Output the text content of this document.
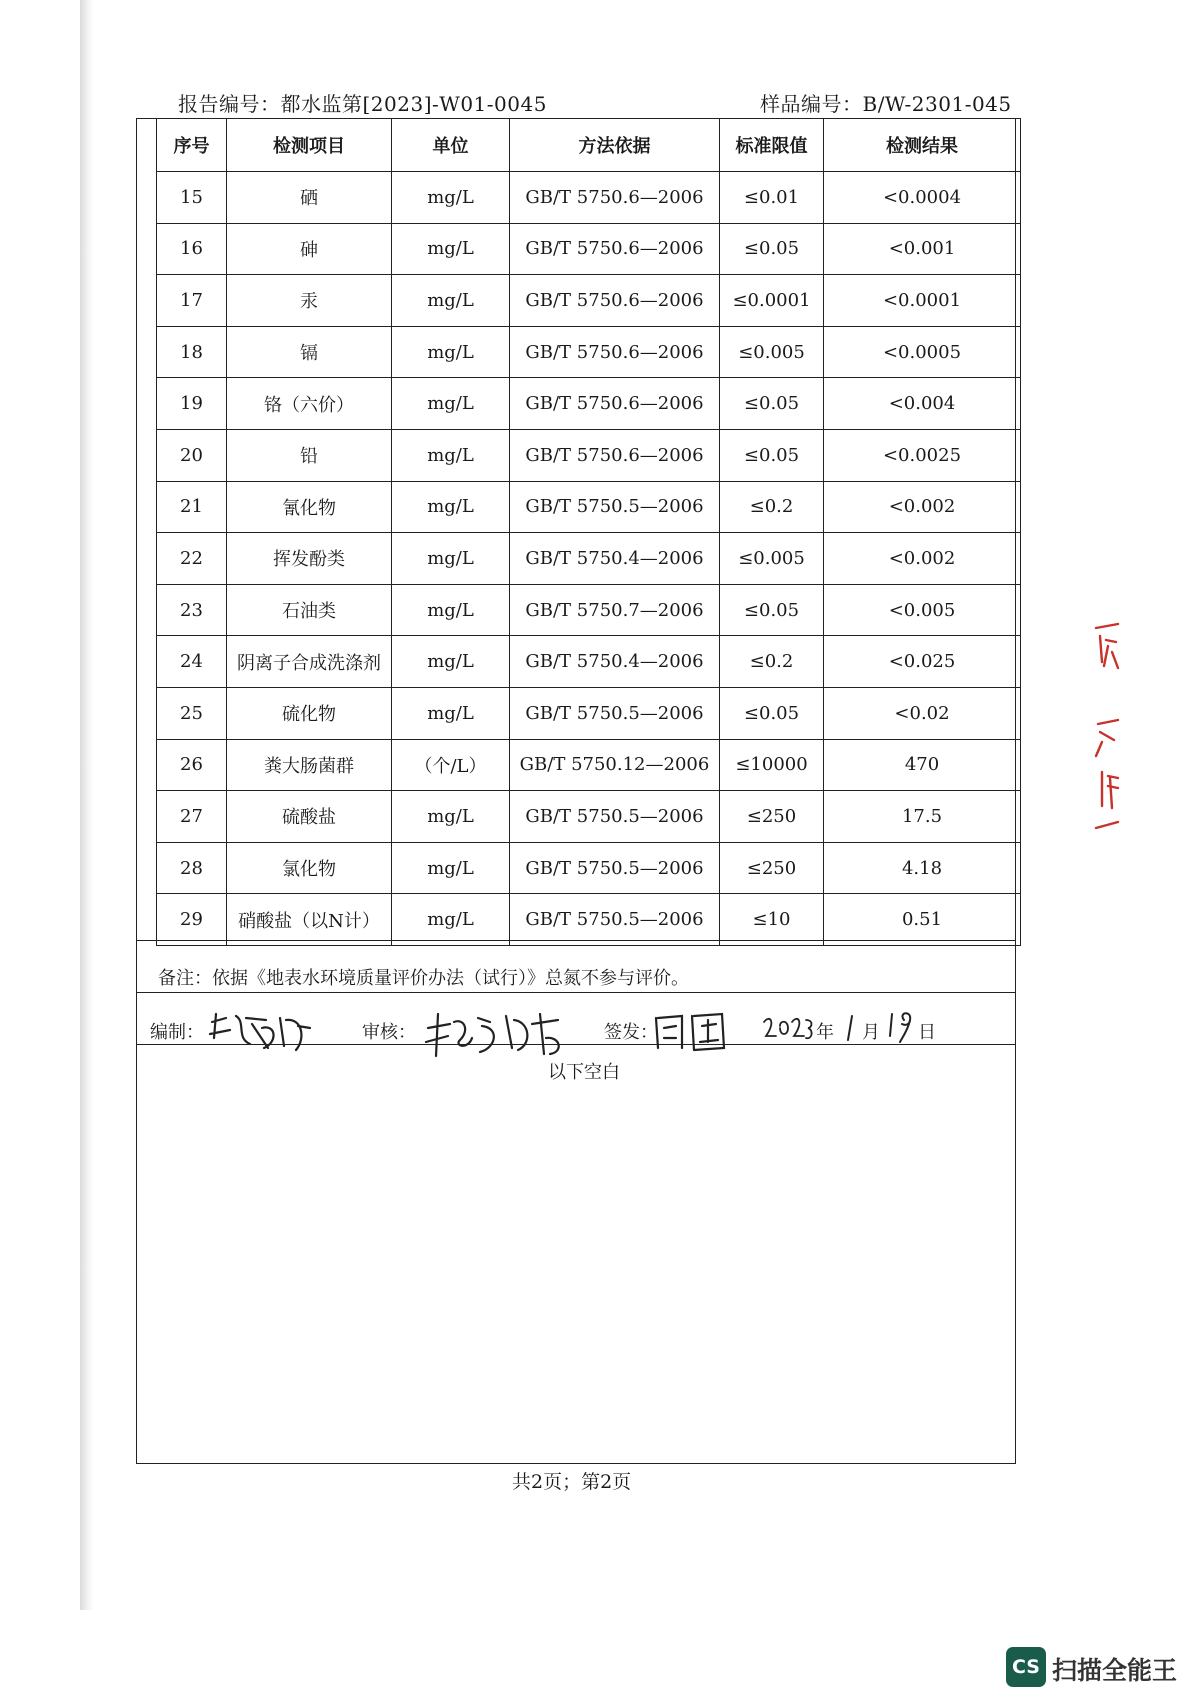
报告编号：都水监第[2023]-W01-0045	样品编号：B/W-2301-045
序号	检测项目	单位	方法依据	标准限值	检测结果
15	硒	mg/L	GB/T 5750.6—2006	≤0.01	<0.0004
16	砷	mg/L	GB/T 5750.6—2006	≤0.05	<0.001
17	汞	mg/L	GB/T 5750.6—2006	≤0.0001	<0.0001
18	镉	mg/L	GB/T 5750.6—2006	≤0.005	<0.0005
19	铬（六价）	mg/L	GB/T 5750.6—2006	≤0.05	<0.004
20	铅	mg/L	GB/T 5750.6—2006	≤0.05	<0.0025
21	氰化物	mg/L	GB/T 5750.5—2006	≤0.2	<0.002
22	挥发酚类	mg/L	GB/T 5750.4—2006	≤0.005	<0.002
23	石油类	mg/L	GB/T 5750.7—2006	≤0.05	<0.005
24	阴离子合成洗涤剂	mg/L	GB/T 5750.4—2006	≤0.2	<0.025
25	硫化物	mg/L	GB/T 5750.5—2006	≤0.05	<0.02
26	粪大肠菌群	（个/L）	GB/T 5750.12—2006	≤10000	470
27	硫酸盐	mg/L	GB/T 5750.5—2006	≤250	17.5
28	氯化物	mg/L	GB/T 5750.5—2006	≤250	4.18
29	硝酸盐（以N计）	mg/L	GB/T 5750.5—2006	≤10	0.51
备注：依据《地表水环境质量评价办法（试行）》总氮不参与评价。
编制：	审核：	签发：	年 月 日
以下空白
共2页；第2页
CS 扫描全能王
